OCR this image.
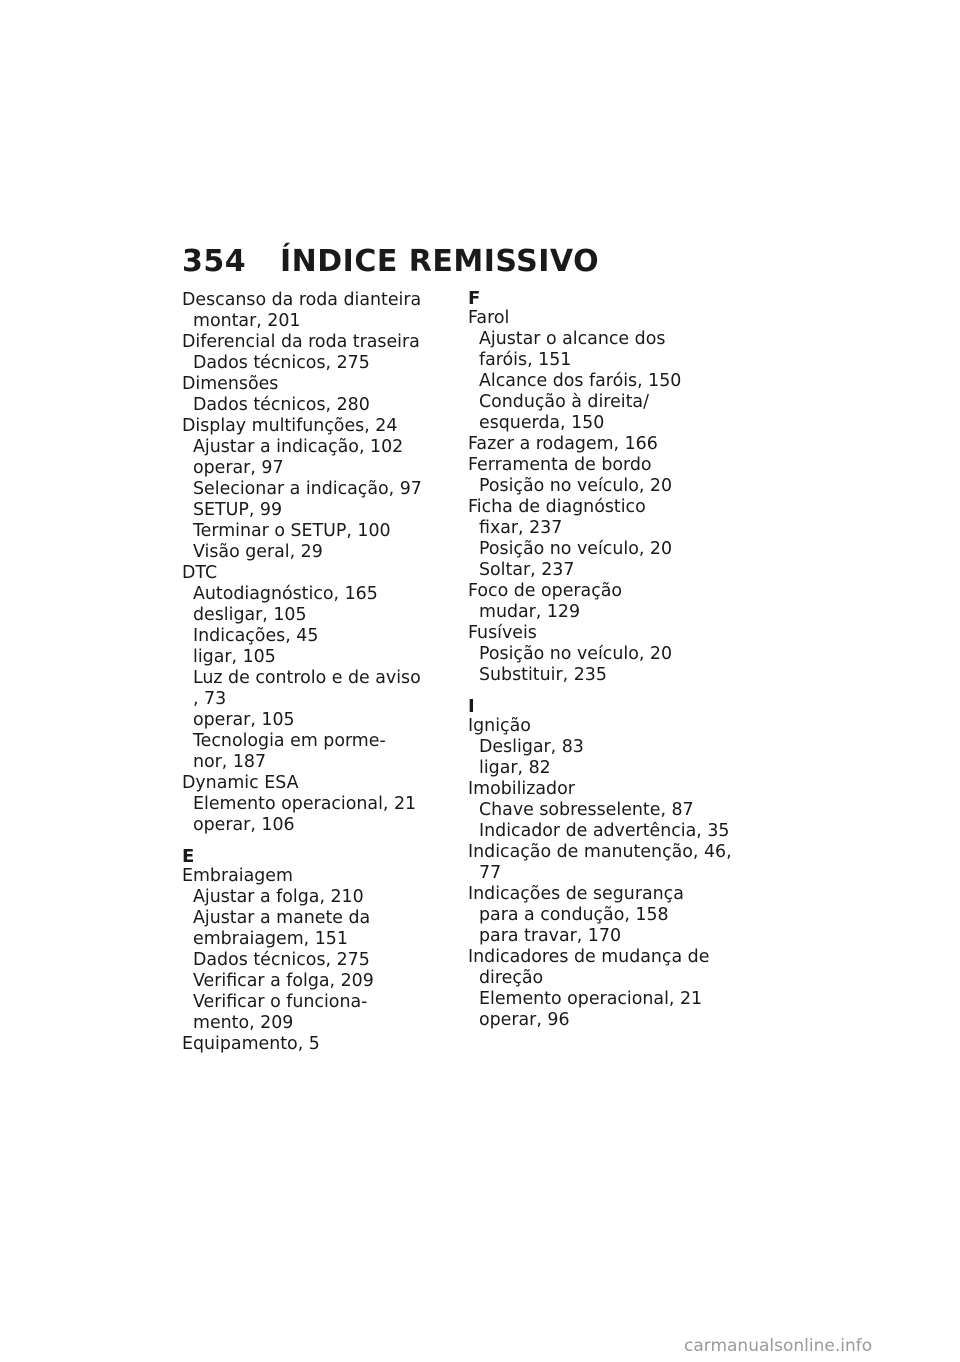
354	ÍNDICE REMISSIVO
Descanso da roda dianteira
montar, 201
Diferencial da roda traseira
Dados técnicos, 275
Dimensões
Dados técnicos, 280
Display multifunções, 24
Ajustar a indicação, 102
operar, 97
Selecionar a indicação, 97
SETUP, 99
Terminar o SETUP, 100
Visão geral, 29
DTC
Autodiagnóstico, 165
desligar, 105
Indicações, 45
ligar, 105
Luz de controlo e de aviso
, 73
operar, 105
Tecnologia em porme-
nor, 187
Dynamic ESA
Elemento operacional, 21
operar, 106
E
Embraiagem
Ajustar a folga, 210
Ajustar a manete da
embraiagem, 151
Dados técnicos, 275
Verificar a folga, 209
Verificar o funciona-
mento, 209
Equipamento, 5
F
Farol
Ajustar o alcance dos
faróis, 151
Alcance dos faróis, 150
Condução à direita/
esquerda, 150
Fazer a rodagem, 166
Ferramenta de bordo
Posição no veículo, 20
Ficha de diagnóstico
fixar, 237
Posição no veículo, 20
Soltar, 237
Foco de operação
mudar, 129
Fusíveis
Posição no veículo, 20
Substituir, 235
I
Ignição
Desligar, 83
ligar, 82
Imobilizador
Chave sobresselente, 87
Indicador de advertência, 35
Indicação de manutenção, 46,
77
Indicações de segurança
para a condução, 158
para travar, 170
Indicadores de mudança de
direção
Elemento operacional, 21
operar, 96
carmanualsonline.info
